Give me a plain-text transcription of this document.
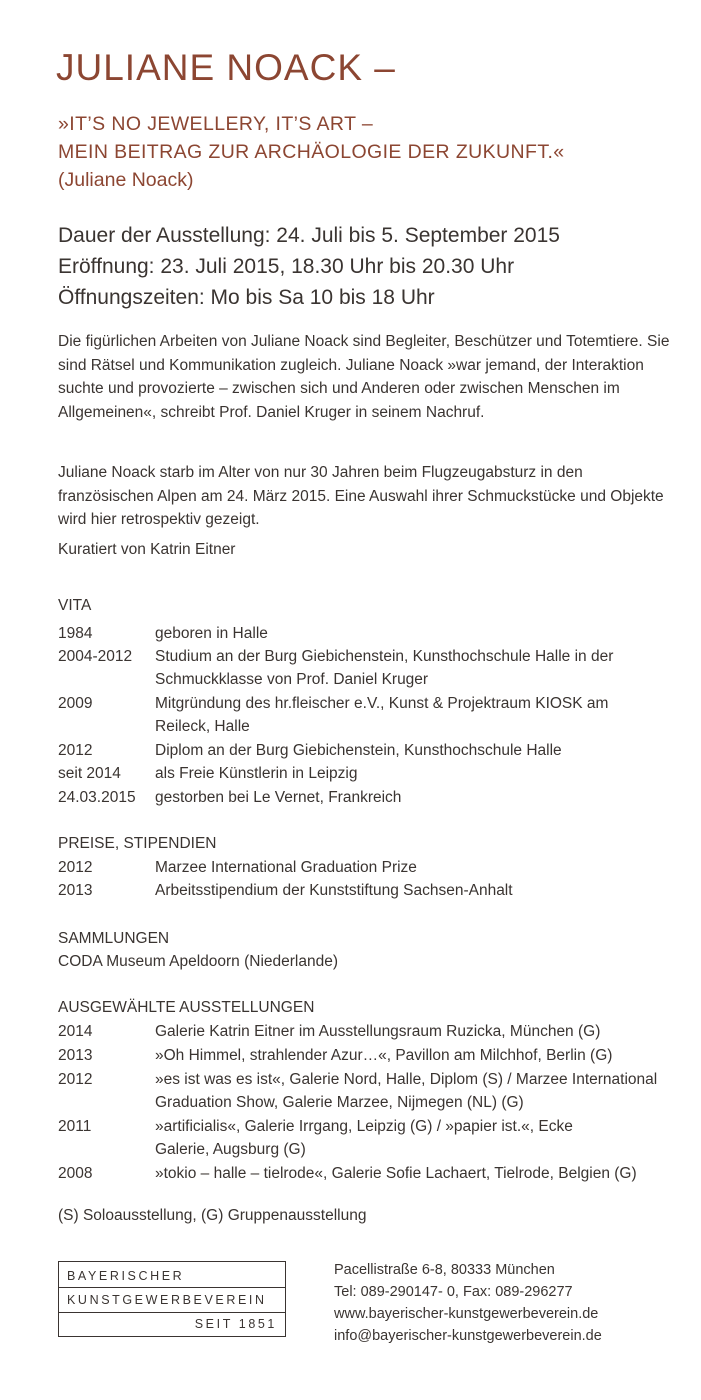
JULIANE NOACK –
»IT’S NO JEWELLERY, IT’S ART –
MEIN BEITRAG ZUR ARCHÄOLOGIE DER ZUKUNFT.«
(Juliane Noack)
Dauer der Ausstellung: 24. Juli bis 5. September 2015
Eröffnung: 23. Juli 2015, 18.30 Uhr bis 20.30 Uhr
Öffnungszeiten: Mo bis Sa 10 bis 18 Uhr
Die figürlichen Arbeiten von Juliane Noack sind Begleiter, Beschützer und Totemtiere. Sie sind Rätsel und Kommunikation zugleich. Juliane Noack »war jemand, der Interaktion suchte und provozierte – zwischen sich und Anderen oder zwischen Menschen im Allgemeinen«, schreibt Prof. Daniel Kruger in seinem Nachruf.
Juliane Noack starb im Alter von nur 30 Jahren beim Flugzeugabsturz in den französischen Alpen am 24. März 2015. Eine Auswahl ihrer Schmuckstücke und Objekte wird hier retrospektiv gezeigt.
Kuratiert von Katrin Eitner
VITA
1984	geboren in Halle
2004-2012 Studium an der Burg Giebichenstein, Kunsthochschule Halle in der Schmuckklasse von Prof. Daniel Kruger
2009	Mitgründung des hr.fleischer e.V., Kunst & Projektraum KIOSK am Reileck, Halle
2012	Diplom an der Burg Giebichenstein, Kunsthochschule Halle
seit 2014 als Freie Künstlerin in Leipzig
24.03.2015 gestorben bei Le Vernet, Frankreich
PREISE, STIPENDIEN
2012	Marzee International Graduation Prize
2013	Arbeitsstipendium der Kunststiftung Sachsen-Anhalt
SAMMLUNGEN
CODA Museum Apeldoorn (Niederlande)
AUSGEWÄHLTE AUSSTELLUNGEN
2014	Galerie Katrin Eitner im Ausstellungsraum Ruzicka, München (G)
2013	»Oh Himmel, strahlender Azur…«, Pavillon am Milchhof, Berlin (G)
2012	»es ist was es ist«, Galerie Nord, Halle, Diplom (S) / Marzee International Graduation Show, Galerie Marzee, Nijmegen (NL) (G)
2011	»artificialis«, Galerie Irrgang, Leipzig (G) / »papier ist.«, Ecke Galerie, Augsburg (G)
2008	»tokio – halle – tielrode«, Galerie Sofie Lachaert, Tielrode, Belgien (G)
(S) Soloausstellung, (G) Gruppenausstellung
BAYERISCHER
KUNSTGEWERBEVEREIN
SEIT 1851
Pacellistraße 6-8, 80333 München
Tel: 089-290147- 0, Fax: 089-296277
www.bayerischer-kunstgewerbeverein.de
info@bayerischer-kunstgewerbeverein.de
